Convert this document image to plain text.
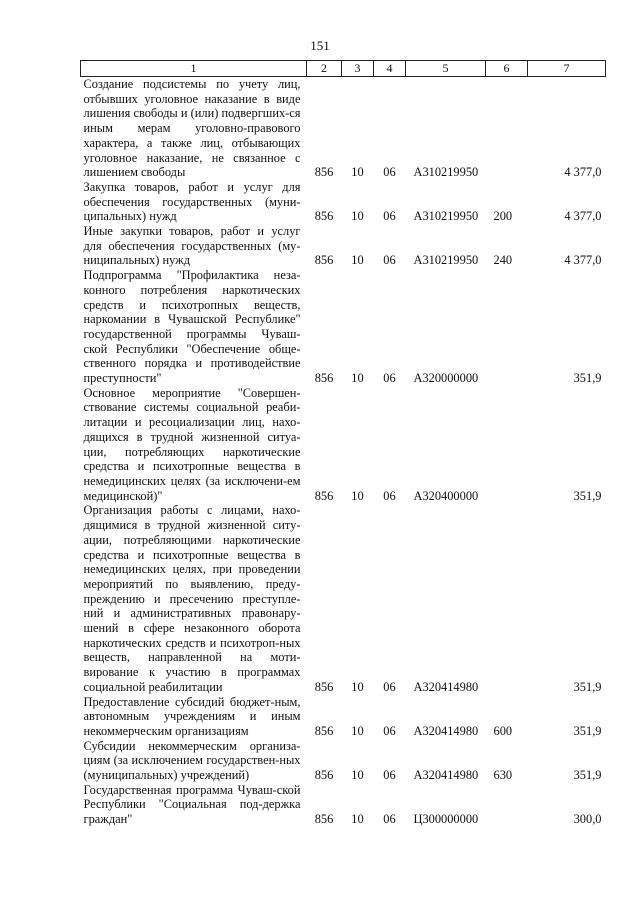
151
1	2	3	4	5	6	7
Создание подсистемы по учету лиц, отбывших уголовное наказание в виде лишения свободы и (или) подвергших-ся иным мерам уголовно-правового характера, а также лиц, отбывающих уголовное наказание, не связанное с лишением свободы	856	10	06	А310219950		4 377,0
Закупка товаров, работ и услуг для обеспечения государственных (муни-ципальных) нужд	856	10	06	А310219950	200	4 377,0
Иные закупки товаров, работ и услуг для обеспечения государственных (му-ниципальных) нужд	856	10	06	А310219950	240	4 377,0
Подпрограмма "Профилактика неза-конного потребления наркотических средств и психотропных веществ, наркомании в Чувашской Республике" государственной программы Чуваш-ской Республики "Обеспечение обще-ственного порядка и противодействие преступности"	856	10	06	А320000000		351,9
Основное мероприятие "Совершен-ствование системы социальной реаби-литации и ресоциализации лиц, нахо-дящихся в трудной жизненной ситуа-ции, потребляющих наркотические средства и психотропные вещества в немедицинских целях (за исключени-ем медицинской)"	856	10	06	А320400000		351,9
Организация работы с лицами, нахо-дящимися в трудной жизненной ситу-ации, потребляющими наркотические средства и психотропные вещества в немедицинских целях, при проведении мероприятий по выявлению, преду-преждению и пресечению преступле-ний и административных правонару-шений в сфере незаконного оборота наркотических средств и психотроп-ных веществ, направленной на моти-вирование к участию в программах социальной реабилитации	856	10	06	А320414980		351,9
Предоставление субсидий бюджет-ным, автономным учреждениям и иным некоммерческим организациям	856	10	06	А320414980	600	351,9
Субсидии некоммерческим организа-циям (за исключением государствен-ных (муниципальных) учреждений)	856	10	06	А320414980	630	351,9
Государственная программа Чуваш-ской Республики "Социальная под-держка граждан"	856	10	06	Ц300000000		300,0
